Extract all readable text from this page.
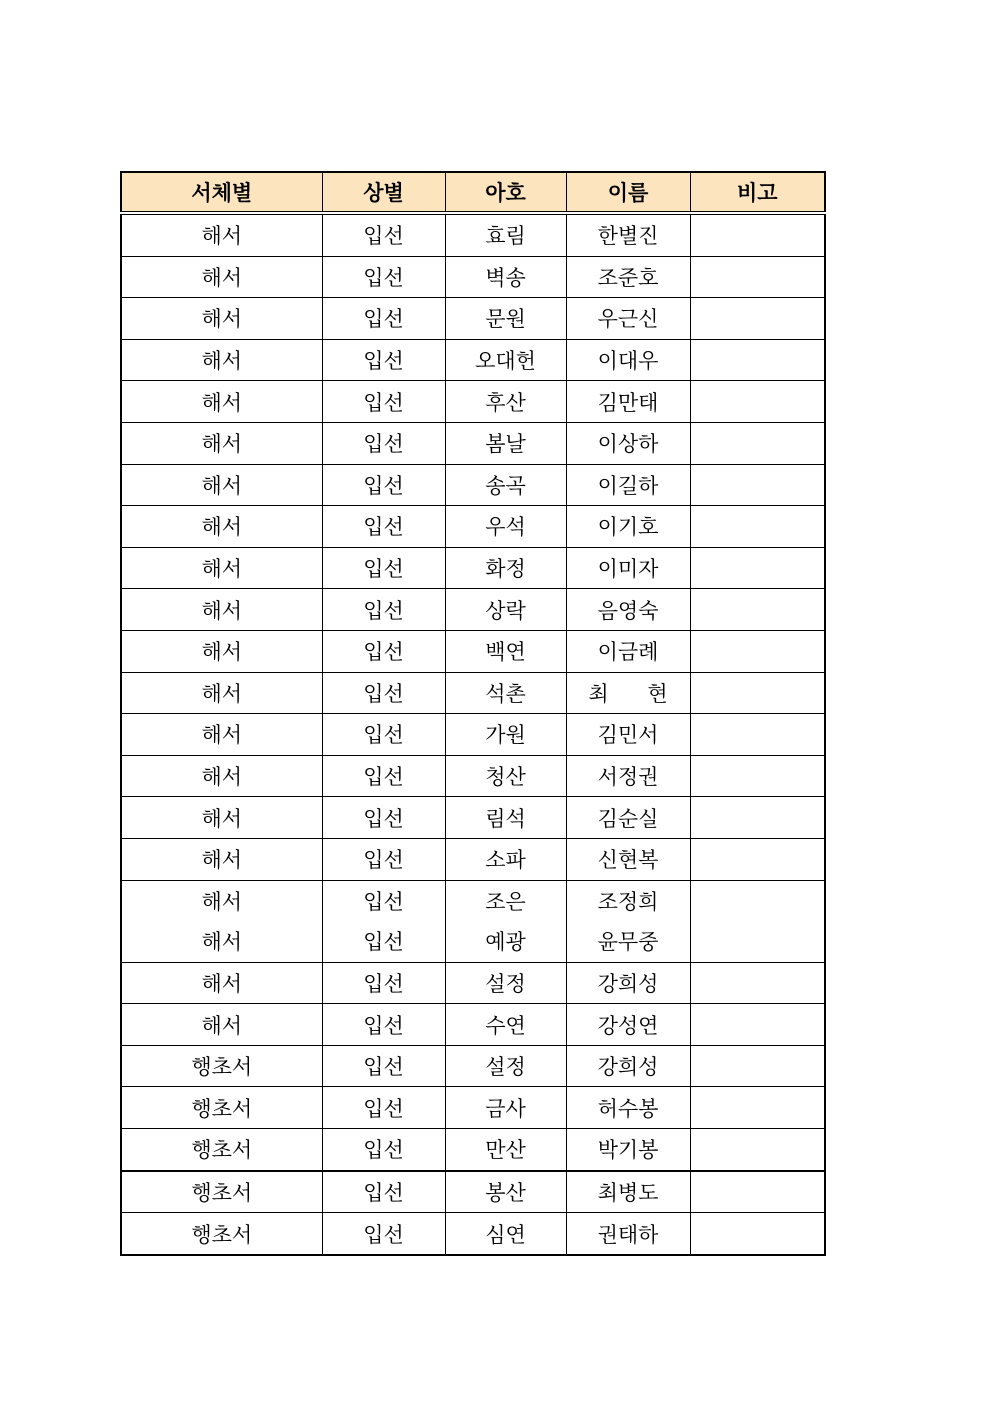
서체별	상별	아호	이름	비고
해서	입선	효림	한별진	
해서	입선	벽송	조준호	
해서	입선	문원	우근신	
해서	입선	오대헌	이대우	
해서	입선	후산	김만태	
해서	입선	봄날	이상하	
해서	입선	송곡	이길하	
해서	입선	우석	이기호	
해서	입선	화정	이미자	
해서	입선	상락	음영숙	
해서	입선	백연	이금례	
해서	입선	석촌	최 현	
해서	입선	가원	김민서	
해서	입선	청산	서정권	
해서	입선	림석	김순실	
해서	입선	소파	신현복	
해서	입선	조은	조정희	
해서	입선	예광	윤무중	
해서	입선	설정	강희성	
해서	입선	수연	강성연	
행초서	입선	설정	강희성	
행초서	입선	금사	허수봉	
행초서	입선	만산	박기봉	
행초서	입선	봉산	최병도	
행초서	입선	심연	권태하	
